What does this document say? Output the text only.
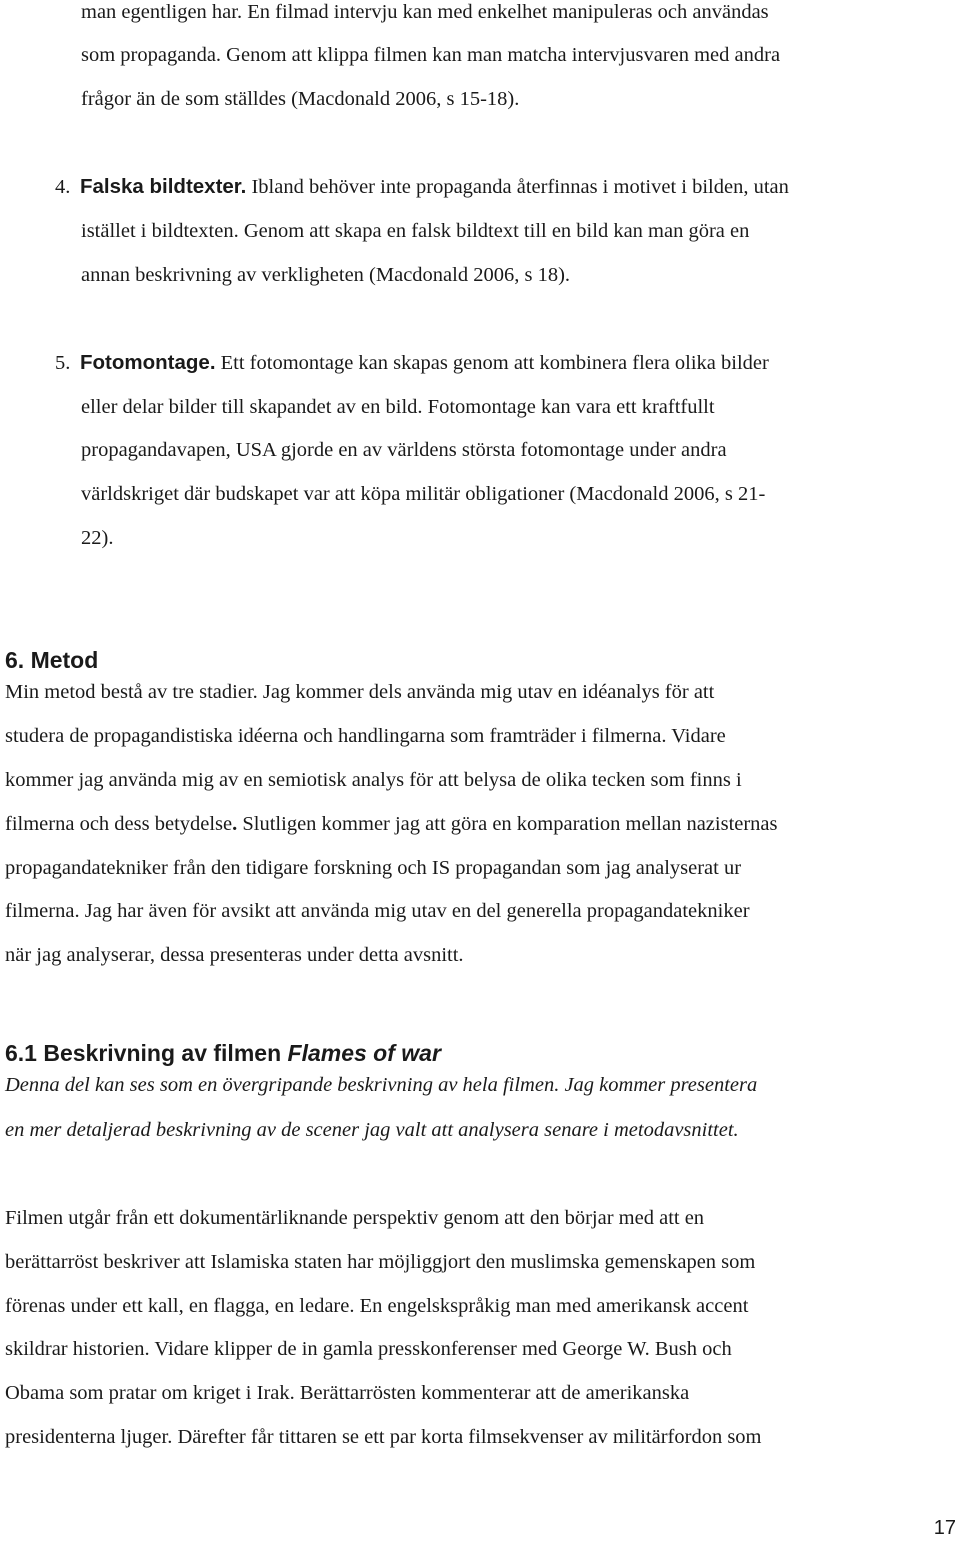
man egentligen har. En filmad intervju kan med enkelhet manipuleras och användas
som propaganda. Genom att klippa filmen kan man matcha intervjusvaren med andra
frågor än de som ställdes (Macdonald 2006, s 15-18).
4. Falska bildtexter. Ibland behöver inte propaganda återfinnas i motivet i bilden, utan
istället i bildtexten. Genom att skapa en falsk bildtext till en bild kan man göra en
annan beskrivning av verkligheten (Macdonald 2006, s 18).
5. Fotomontage. Ett fotomontage kan skapas genom att kombinera flera olika bilder
eller delar bilder till skapandet av en bild. Fotomontage kan vara ett kraftfullt
propagandavapen, USA gjorde en av världens största fotomontage under andra
världskriget där budskapet var att köpa militär obligationer (Macdonald 2006, s 21-
22).
6. Metod
Min metod bestå av tre stadier. Jag kommer dels använda mig utav en idéanalys för att
studera de propagandistiska idéerna och handlingarna som framträder i filmerna. Vidare
kommer jag använda mig av en semiotisk analys för att belysa de olika tecken som finns i
filmerna och dess betydelse. Slutligen kommer jag att göra en komparation mellan nazisternas
propagandatekniker från den tidigare forskning och IS propagandan som jag analyserat ur
filmerna. Jag har även för avsikt att använda mig utav en del generella propagandatekniker
när jag analyserar, dessa presenteras under detta avsnitt.
6.1 Beskrivning av filmen Flames of war
Denna del kan ses som en övergripande beskrivning av hela filmen. Jag kommer presentera
en mer detaljerad beskrivning av de scener jag valt att analysera senare i metodavsnittet.
Filmen utgår från ett dokumentärliknande perspektiv genom att den börjar med att en
berättarröst beskriver att Islamiska staten har möjliggjort den muslimska gemenskapen som
förenas under ett kall, en flagga, en ledare. En engelskspråkig man med amerikansk accent
skildrar historien. Vidare klipper de in gamla presskonferenser med George W. Bush och
Obama som pratar om kriget i Irak. Berättarrösten kommenterar att de amerikanska
presidenterna ljuger. Därefter får tittaren se ett par korta filmsekvenser av militärfordon som
17
